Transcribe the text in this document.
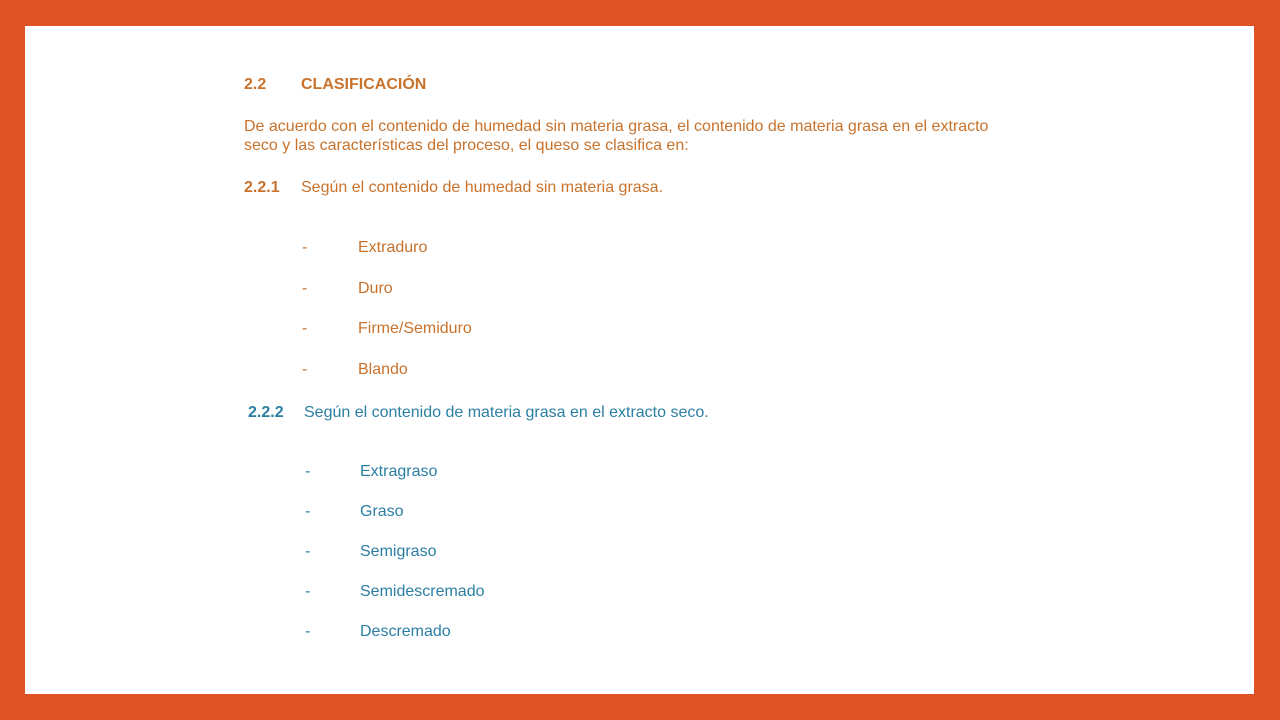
2.2 CLASIFICACIÓN
De acuerdo con el contenido de humedad sin materia grasa, el contenido de materia grasa en el extracto seco y las características del proceso, el queso se clasifica en:
2.2.1 Según el contenido de humedad sin materia grasa.
-	Extraduro
-	Duro
-	Firme/Semiduro
-	Blando
2.2.2 Según el contenido de materia grasa en el extracto seco.
-	Extragraso
-	Graso
-	Semigraso
-	Semidescremado
-	Descremado
